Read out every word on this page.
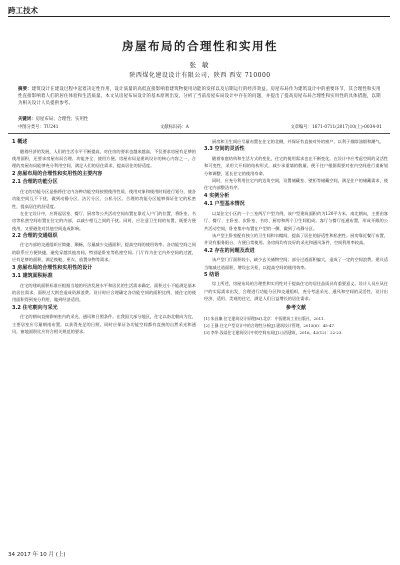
跨工技术
房屋布局的合理性和实用性
张 敏
陕西煤化建设设计有限公司，陕西 西安 710000
摘要：建筑设计在建设过程中起着决定性作用，设计质量的高低直接影响着建筑物使用功能的发挥以及后期运行的经济效益。房屋布局作为建筑设计中的重要环节，其合理性和实用性直接影响着人们的居住体验和生活质量。本文从房屋布局设计的基本原则出发，分析了当前房屋布局设计中存在的问题，并提出了提高房屋布局合理性和实用性的具体措施，以期为相关设计人员提供参考。
关键词：房屋布局；合理性；实用性
中图分类号：TU241	文献标识码：A	文章编号：1671-0711(2017)10(上)-0034-01

1 概述

随着经济的发展，人们的生活水平不断提高，对住房的要求也越来越高，不仅要求房屋有足够的使用面积，还要求房屋布局合理、功能齐全、使用方便。房屋布局是建筑设计的核心内容之一，合理的房屋布局能够充分利用空间，满足人们的居住需求，提高居住的舒适度。

2 房屋布局的合理性和实用性的主要内容

2.1 合理的功能分区

住宅的功能分区是指将住宅内各种功能空间按照使用性质、使用对象和使用时间进行划分，使各功能空间互不干扰，做到动静分区、洁污分区、公私分区。合理的功能分区能够保证住宅的私密性，提高居住的舒适度。

在住宅设计中，应将起居室、餐厅、厨房等公共活动空间布置在靠近入户门的位置，将卧室、书房等私密空间布置在住宅的内部，以减少相互之间的干扰。同时，应注意卫生间的布置，既要方便使用，又要避免对其他空间造成影响。

2.2 合理的交通组织

住宅内部的交通组织应简捷、顺畅，尽量减少交通面积，提高空间的使用效率。各功能空间之间的联系应方便快捷，避免穿越其他房间，特别是卧室等私密空间。门厅作为住宅内外空间的过渡，应有足够的面积，满足换鞋、更衣、放置杂物等需求。

3 房屋布局的合理性和实用性的设计

3.1 建筑面积标准

住宅的建筑面积标准应根据当地的经济发展水平和居民的生活需求确定。面积过小不能满足基本的居住需求，面积过大则会造成资源浪费。设计时应合理确定各功能空间的面积比例，使住宅的使用面积得到充分利用，做到经济适用。

3.2 住宅朝向与采光

住宅的朝向直接影响室内的采光、通风和日照条件。在我国大部分地区，住宅以南北朝向为宜，主要居室应尽量朝南布置，以获得充足的日照。同时应保证各功能空间都有直接的自然采光和通风，窗地面积比应符合相关规范的要求。

厨房和卫生间应尽量布置在住宅的北侧，并保证有直接对外的窗户，以利于排除油烟和潮气。

3.3 空间的灵活性

随着家庭结构和生活方式的变化，住宅的使用需求也在不断变化。在设计中应考虑空间的灵活性和可变性，采用大开间的结构形式，减少承重墙的数量，便于住户根据需要对室内空间进行重新划分和调整，延长住宅的使用寿命。

同时，应充分利用住宅内的边角空间，设置储藏室、壁柜等储藏空间，满足住户的储藏需求，使住宅内部整洁有序。

4 实例分析

4.1 户型基本情况

以某住宅小区的一个三室两厅户型为例，该户型建筑面积约为120平方米，南北朝向，主要由客厅、餐厅、主卧室、次卧室、书房、厨房和两个卫生间组成。客厅与餐厅连通布置，形成开敞的公共活动空间，卧室集中布置在户型的一侧，做到了动静分区。

该户型主卧室配有独立的卫生间和衣帽间，提高了居住的舒适性和私密性。厨房靠近餐厅布置，并设有服务阳台，方便日常使用。各房间均有良好的采光和通风条件，空间利用率较高。

4.2 存在的问题及改进

该户型门厅面积较小，缺少玄关储物空间；部分过道面积偏大，造成了一定的空间浪费。建议适当缩减过道面积，增设玄关柜，以提高空间的使用效率。

5 结语

综上所述，房屋布局的合理性和实用性对于提高住宅的居住品质具有重要意义。设计人员应从住户的实际需求出发，合理进行功能分区和交通组织，充分考虑采光、通风和空间的灵活性，设计出经济、适用、美观的住宅，满足人们日益增长的居住需求。

参考文献

[1] 朱昌廉.住宅建筑设计原理[M].北京：中国建筑工业出版社，2011.

[2] 王静.住宅户型设计中的合理性分析[J].建筑设计管理，2015(6)：45-47.

[3] 李华.浅谈住宅建筑设计中的空间布局[J].山西建筑，2016，42(12)：22-23.

34 2017 年 10 月 (上)
